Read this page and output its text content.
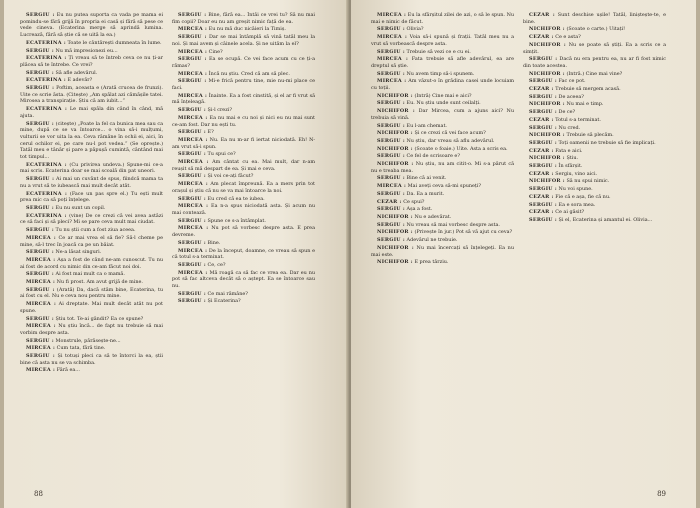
SERGIU : Eu nu putea suporta ca vada pe mama ei pomindu-se fără grijă în propria ei casă și fără să pese ce vede cineva. (Ecaterina merge să aprindă lumina. Lucrează, fără să știe că se uită la ea.)

ECATERINA : Toate le cântărești dumneata în lume.

SERGIU : Nu mă impresionezi eu...

ECATERINA : Ți vreau să te întreb ceva ce nu ți-ar plăcea să te întrebe. Ce vrei?

SERGIU : Să afle adevărul.

ECATERINA : E adevăr?

SERGIU : Poftim, aceasta e (Arată crucea de frunzi). Uite ce scrie ăsta. (Citește) „Am spălat azi cămășile tatei. Mirosea a transpirație. Știu că am iubit...”

ECATERINA : Le mai spăla din când în când, mă ajuta.

SERGIU : (citește) „Poate la fel ca bunica mea sau ca mine, după ce se va întoarce... o vina să-i mulțumi, vulturii se vor uita la ea. Ceva rămâne în ochii ei, aici, în cerul ochilor ei, pe care nu-l pot vedea.” (Se oprește.) Tatăl meu e tânăr și pare a păpușă cumintă, cântând mai tot timpul...

ECATERINA : (Cu privirea undeva.) Spune-mi ce-a mai scris. Ecaterina doar se mai scoală din pat uneori.

SERGIU : Ai mai un cuvânt de spus, fiindcă mama ta nu a vrut să te iubească mai mult decât atât.

ECATERINA : (Face un pas spre el.) Tu ești mult prea mic ca să poți înțelege.

SERGIU : Eu nu sunt un copil.

ECATERINA : (vine) De ce crezi că vei avea astăzi ce să faci și să pleci? Mi se pare ceva mult mai ciudat.

SERGIU : Tu nu știi cum a fost ziua aceea.

MIRCEA : Ce ar mai vrea el să fie? Să-l cheme pe mine, să-l trec în joacă ca pe un băiat.

SERGIU : Ne-a lăsat singuri.

MIRCEA : Așa a fost de când ne-am cunoscut. Tu nu ai fost de acord cu nimic din ce-am făcut noi doi.

SERGIU : Ai fost mai mult ca o mamă.

MIRCEA : Nu fi prost. Am avut grijă de mine.

SERGIU : (Arată) Da, dacă stăm bine, Ecaterina, tu ai fost cu el. Nu e ceva nou pentru mine.

MIRCEA : Ai dreptate. Mai mult decât atât nu pot spune.

SERGIU : Știu tot. Te-ai gândit? Ea ce spune?

MIRCEA : Nu știu încă... de fapt nu trebuie să mai vorbim despre asta.

SERGIU : Monstrule, părăsește-ne...

MIRCEA : Cum tata, fără tine.

SERGIU : Și totuși pleci ca să te întorci la ea, știi bine că asta nu se va schimba.

MIRCEA : Fără ea...

SERGIU : Bine, fără ea... Întâi ce vrei tu? Să nu mai fim copii? Doar eu nu am greșit nimic față de ea.

MIRCEA : Eu nu mă duc nicăieri la Timiș.

SERGIU : Dar se mai întâmplă să vină tatăl meu la noi. Și mai avem și câinele acela. Și ne uităm la el?

MIRCEA : Cine?

SERGIU : Ea se ocupă. Ce vei face acum cu ce ți-a rămas?

MIRCEA : Încă nu știu. Cred că am să plec.

SERGIU : Mi-e frică pentru tine, mie nu-mi place ce faci.

MIRCEA : Înainte. Ea a fost cinstită, și el ar fi vrut să mă înțeleagă.

SERGIU : Și-l crezi?

MIRCEA : Ea nu mai e cu noi și nici eu nu mai sunt ce-am fost. Dar nu ești tu.

SERGIU : E?

MIRCEA : Nu. Ea nu m-ar fi iertat niciodată. Eh! N-am vrut să-i spun.

SERGIU : Tu spui ce?

MIRCEA : Am cântat cu ea. Mai mult, dar n-am reușit să mă despart de ea. Și mai e ceva.

SERGIU : Și voi ce-ați făcut?

MIRCEA : Am plecat împreună. Ea a mers prin tot orașul și știu că nu se va mai întoarce la noi.

SERGIU : Eu cred că ea te iubea.

MIRCEA : Ea n-a spus niciodată asta. Și acum nu mai contează.

SERGIU : Spune ce s-a întâmplat.

MIRCEA : Nu pot să vorbesc despre asta. E prea devreme.

SERGIU : Bine.

MIRCEA : De la început, doamne, ce vreau să spun e că totul s-a terminat.

SERGIU : Ce, ce?

MIRCEA : Mă roagă ca să fac ce vrea ea. Dar eu nu pot să fac altceva decât să o aștept. Ea se întoarce sau nu.

SERGIU : Ce mai rămâne?

SERGIU : Și Ecaterina?

88

MIRCEA : Eu la sfârșitul zilei de azi, o să le spun. Nu mai e nimic de făcut.

SERGIU : Olivia?

MIRCEA : Voia să-i spună și frații. Tatăl meu nu a vrut să vorbească despre asta.

SERGIU : Trebuie să vezi ce e cu ei.

MIRCEA : Fata trebuie să afle adevărul, ea are dreptul să știe.

SERGIU : Nu avem timp să-i spunem.

MIRCEA : Am văzut-o în grădina casei unde locuiam cu toții.

NICHIFOR : (Intră) Cine mai e aici?

SERGIU : Eu. Nu știu unde sunt ceilalți.

NICHIFOR : Dar Mircea, cum a ajuns aici? Nu trebuia să vină.

SERGIU : Eu l-am chemat.

NICHIFOR : Și ce crezi că vei face acum?

SERGIU : Nu știu, dar vreau să aflu adevărul.

NICHIFOR : (Scoate o foaie.) Uite. Asta a scris ea.

SERGIU : Ce fel de scrisoare e?

NICHIFOR : Nu știu, nu am citit-o. Mi s-a părut că nu e treaba mea.

SERGIU : Bine că ai venit.

MIRCEA : Mai aveți ceva să-mi spuneți?

SERGIU : Da. Ea a murit.

CEZAR : Ce spui?

SERGIU : Așa a fost.

NICHIFOR : Nu e adevărat.

SERGIU : Nu vreau să mai vorbesc despre asta.

NICHIFOR : (Privește în jur.) Pot să vă ajut cu ceva?

SERGIU : Adevărul ne trebuie.

NICHIFOR : Nu mai încercați să înțelegeți. Ea nu mai este.

NICHIFOR : E prea târziu.

CEZAR : Sunt deschise ușile! Tatăl, liniștește-te, e bine.

NICHIFOR : (Scoate o carte.) Uitați!

CEZAR : Ce e asta?

NICHIFOR : Nu se poate să știți. Ea a scris ce a simțit.

SERGIU : Dacă nu era pentru ea, nu ar fi fost nimic din toate acestea.

NICHIFOR : (Intră.) Cine mai vine?

SERGIU : Fac ce pot.

CEZAR : Trebuie să mergem acasă.

SERGIU : De aceea?

NICHIFOR : Nu mai e timp.

SERGIU : De ce?

CEZAR : Totul s-a terminat.

SERGIU : Nu cred.

NICHIFOR : Trebuie să plecăm.

SERGIU : Toți oamenii ne trebuie să fie implicați.

CEZAR : Fata e aici.

NICHIFOR : Știu.

SERGIU : În sfârșit.

CEZAR : Sergiu, vino aici.

NICHIFOR : Să nu spui nimic.

SERGIU : Nu voi spune.

CEZAR : Fie că e așa, fie că nu.

SERGIU : Ea e sora mea.

CEZAR : Ce ai găsit?

SERGIU : Și el, Ecaterina și amantul ei. Olivia...

89
